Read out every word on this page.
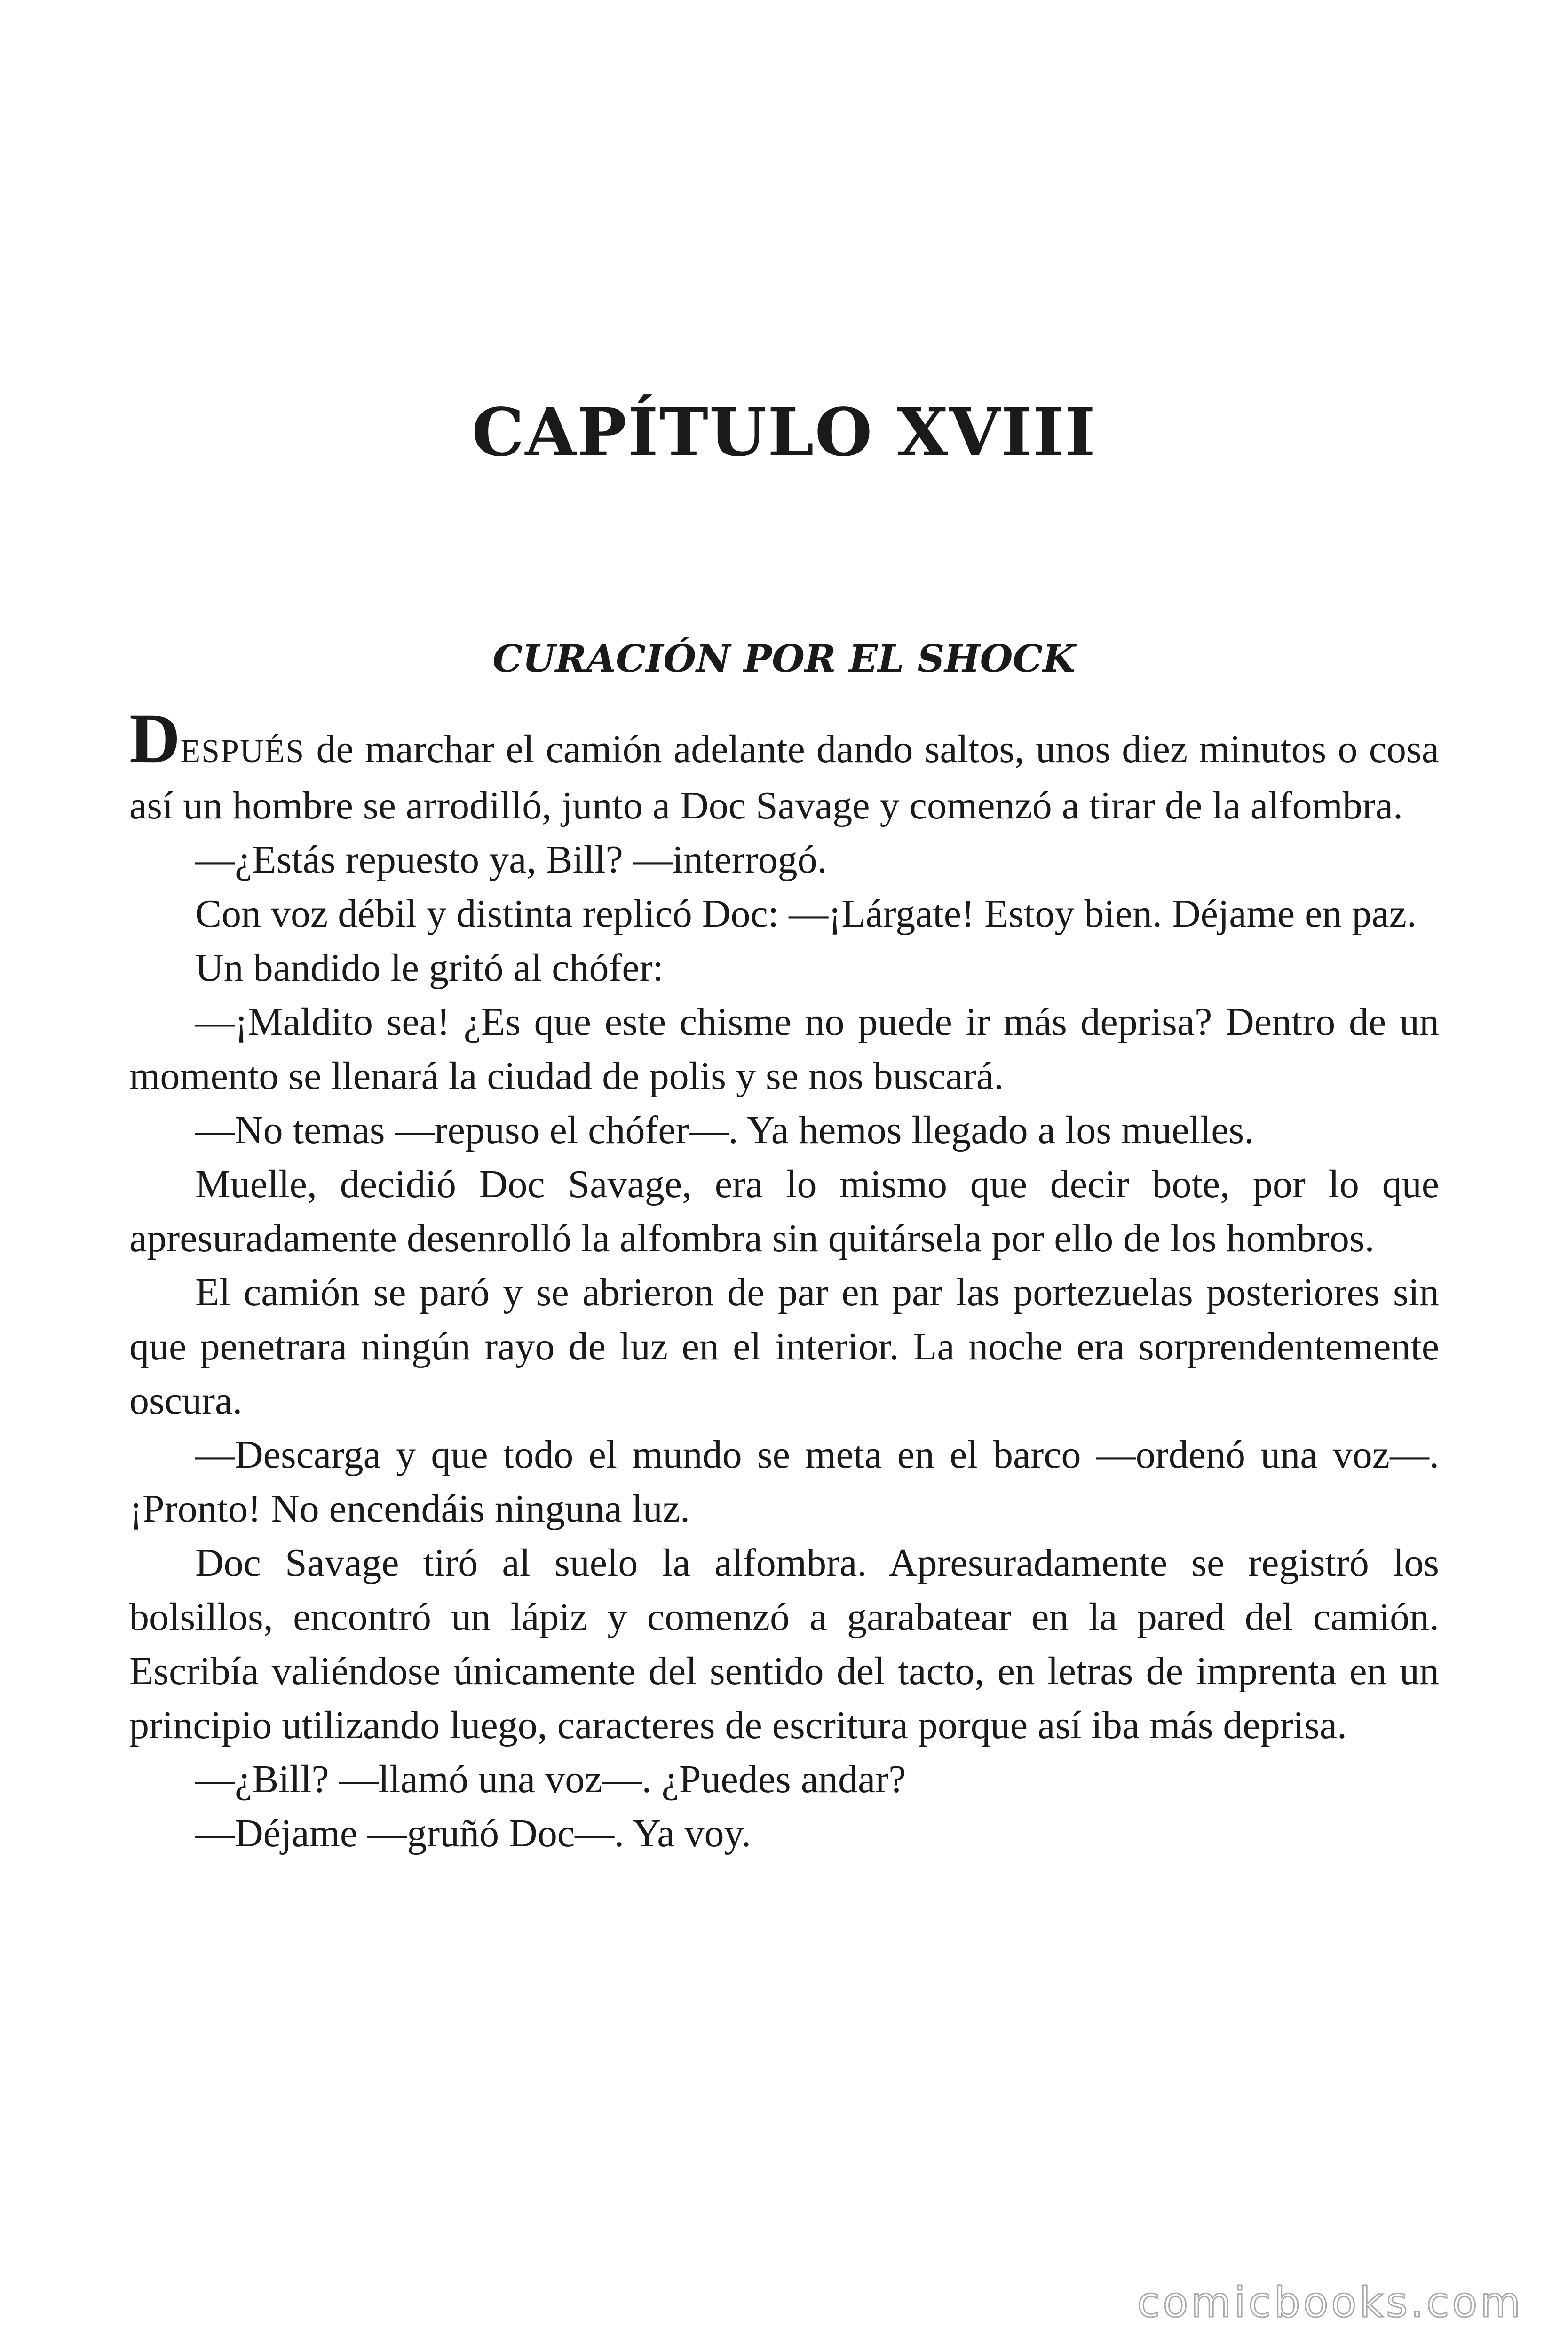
CAPÍTULO XVIII
CURACIÓN POR EL SHOCK

DESPUÉS de marchar el camión adelante dando saltos, unos diez minutos o cosa así un hombre se arrodilló, junto a Doc Savage y comenzó a tirar de la alfombra.

—¿Estás repuesto ya, Bill? —interrogó.

Con voz débil y distinta replicó Doc: —¡Lárgate! Estoy bien. Déjame en paz.

Un bandido le gritó al chófer:

—¡Maldito sea! ¿Es que este chisme no puede ir más deprisa? Dentro de un momento se llenará la ciudad de polis y se nos buscará.

—No temas —repuso el chófer—. Ya hemos llegado a los muelles.

Muelle, decidió Doc Savage, era lo mismo que decir bote, por lo que apresuradamente desenrolló la alfombra sin quitársela por ello de los hombros.

El camión se paró y se abrieron de par en par las portezuelas posteriores sin que penetrara ningún rayo de luz en el interior. La noche era sorprendentemente oscura.

—Descarga y que todo el mundo se meta en el barco —ordenó una voz—. ¡Pronto! No encendáis ninguna luz.

Doc Savage tiró al suelo la alfombra. Apresuradamente se registró los bolsillos, encontró un lápiz y comenzó a garabatear en la pared del camión. Escribía valiéndose únicamente del sentido del tacto, en letras de imprenta en un principio utilizando luego, caracteres de escritura porque así iba más deprisa.

—¿Bill? —llamó una voz—. ¿Puedes andar?

—Déjame —gruñó Doc—. Ya voy.

comicbooks.com
